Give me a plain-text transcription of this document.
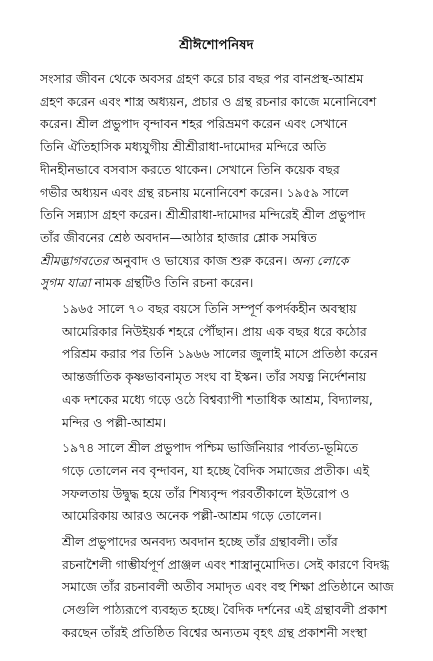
শ্রীঈশোপনিষদ

সংসার জীবন থেকে অবসর গ্রহণ করে চার বছর পর বানপ্রস্থ-আশ্রম
গ্রহণ করেন এবং শাস্ত্র অধ্যয়ন, প্রচার ও গ্রন্থ রচনার কাজে মনোনিবেশ
করেন। শ্রীল প্রভুপাদ বৃন্দাবন শহর পরিভ্রমণ করেন এবং সেখানে
তিনি ঐতিহাসিক মধ্যযুগীয় শ্রীশ্রীরাধা-দামোদর মন্দিরে অতি
দীনহীনভাবে বসবাস করতে থাকেন। সেখানে তিনি কয়েক বছর
গভীর অধ্যয়ন এবং গ্রন্থ রচনায় মনোনিবেশ করেন। ১৯৫৯ সালে
তিনি সন্ন্যাস গ্রহণ করেন। শ্রীশ্রীরাধা-দামোদর মন্দিরেই শ্রীল প্রভুপাদ
তাঁর জীবনের শ্রেষ্ঠ অবদান—আঠার হাজার শ্লোক সমন্বিত
শ্রীমদ্ভাগবতের অনুবাদ ও ভাষ্যের কাজ শুরু করেন। অন্য লোকে
সুগম যাত্রা নামক গ্রন্থটিও তিনি রচনা করেন।

১৯৬৫ সালে ৭০ বছর বয়সে তিনি সম্পূর্ণ কপর্দকহীন অবস্থায়
আমেরিকার নিউইয়র্ক শহরে পৌঁছান। প্রায় এক বছর ধরে কঠোর
পরিশ্রম করার পর তিনি ১৯৬৬ সালের জুলাই মাসে প্রতিষ্ঠা করেন
আন্তর্জাতিক কৃষ্ণভাবনামৃত সংঘ বা ইস্কন। তাঁর সযত্ন নির্দেশনায়
এক দশকের মধ্যে গড়ে ওঠে বিশ্বব্যাপী শতাধিক আশ্রম, বিদ্যালয়,
মন্দির ও পল্লী-আশ্রম।

১৯৭৪ সালে শ্রীল প্রভুপাদ পশ্চিম ভার্জিনিয়ার পার্বত্য-ভূমিতে
গড়ে তোলেন নব বৃন্দাবন, যা হচ্ছে বৈদিক সমাজের প্রতীক। এই
সফলতায় উদ্বুদ্ধ হয়ে তাঁর শিষ্যবৃন্দ পরবর্তীকালে ইউরোপ ও
আমেরিকায় আরও অনেক পল্লী-আশ্রম গড়ে তোলেন।

শ্রীল প্রভুপাদের অনবদ্য অবদান হচ্ছে তাঁর গ্রন্থাবলী। তাঁর
রচনাশৈলী গাম্ভীর্যপূর্ণ প্রাঞ্জল এবং শাস্ত্রানুমোদিত। সেই কারণে বিদগ্ধ
সমাজে তাঁর রচনাবলী অতীব সমাদৃত এবং বহু শিক্ষা প্রতিষ্ঠানে আজ
সেগুলি পাঠ্যরূপে ব্যবহৃত হচ্ছে। বৈদিক দর্শনের এই গ্রন্থাবলী প্রকাশ
করছেন তাঁরই প্রতিষ্ঠিত বিশ্বের অন্যতম বৃহৎ গ্রন্থ প্রকাশনী সংস্থা
